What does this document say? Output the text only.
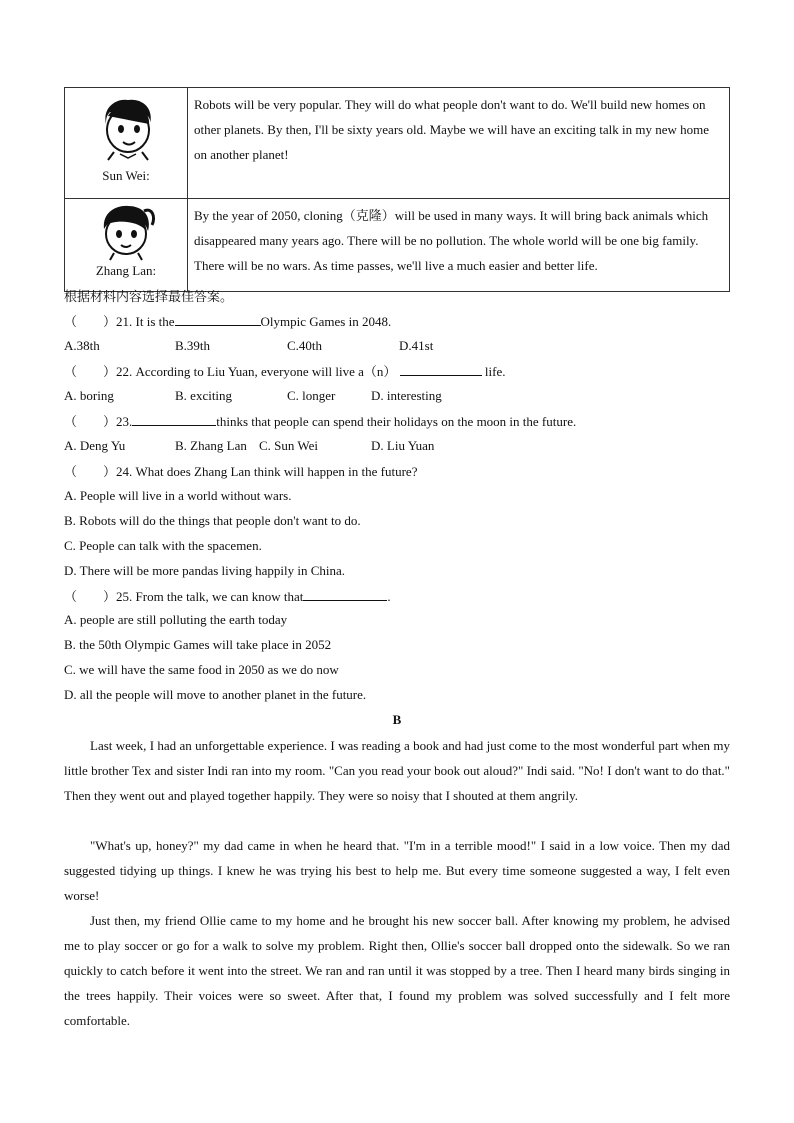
Sun Wei:	Robots will be very popular. They will do what people don't want to do. We'll build new homes on other planets. By then, I'll be sixty years old. Maybe we will have an exciting talk in my new home on another planet!

Zhang Lan:	By the year of 2050, cloning（克隆）will be used in many ways. It will bring back animals which disappeared many years ago. There will be no pollution. The whole world will be one big family. There will be no wars. As time passes, we'll live a much easier and better life.
根据材料内容选择最佳答案。
（　　）21. It is the	Olympic Games in 2048.
A.38th	B.39th	C.40th	D.41st
（　　）22. According to Liu Yuan, everyone will live a（n）	life.
A. boring	B. exciting	C. longer	D. interesting
（　　）23.	thinks that people can spend their holidays on the moon in the future.
A. Deng Yu	B. Zhang Lan C. Sun Wei	D. Liu Yuan
（　　）24. What does Zhang Lan think will happen in the future?
A. People will live in a world without wars.
B. Robots will do the things that people don't want to do.
C. People can talk with the spacemen.
D. There will be more pandas living happily in China.
（　　）25. From the talk, we can know that	.
A. people are still polluting the earth today
B. the 50th Olympic Games will take place in 2052
C. we will have the same food in 2050 as we do now
D. all the people will move to another planet in the future.
B
Last week, I had an unforgettable experience. I was reading a book and had just come to the most wonderful part when my little brother Tex and sister Indi ran into my room. "Can you read your book out aloud?" Indi said. "No! I don't want to do that." Then they went out and played together happily. They were so noisy that I shouted at them angrily.
"What's up, honey?" my dad came in when he heard that. "I'm in a terrible mood!" I said in a low voice. Then my dad suggested tidying up things. I knew he was trying his best to help me. But every time someone suggested a way, I felt even worse!
Just then, my friend Ollie came to my home and he brought his new soccer ball. After knowing my problem, he advised me to play soccer or go for a walk to solve my problem. Right then, Ollie's soccer ball dropped onto the sidewalk. So we ran quickly to catch before it went into the street. We ran and ran until it was stopped by a tree. Then I heard many birds singing in the trees happily. Their voices were so sweet. After that, I found my problem was solved successfully and I felt more comfortable.
